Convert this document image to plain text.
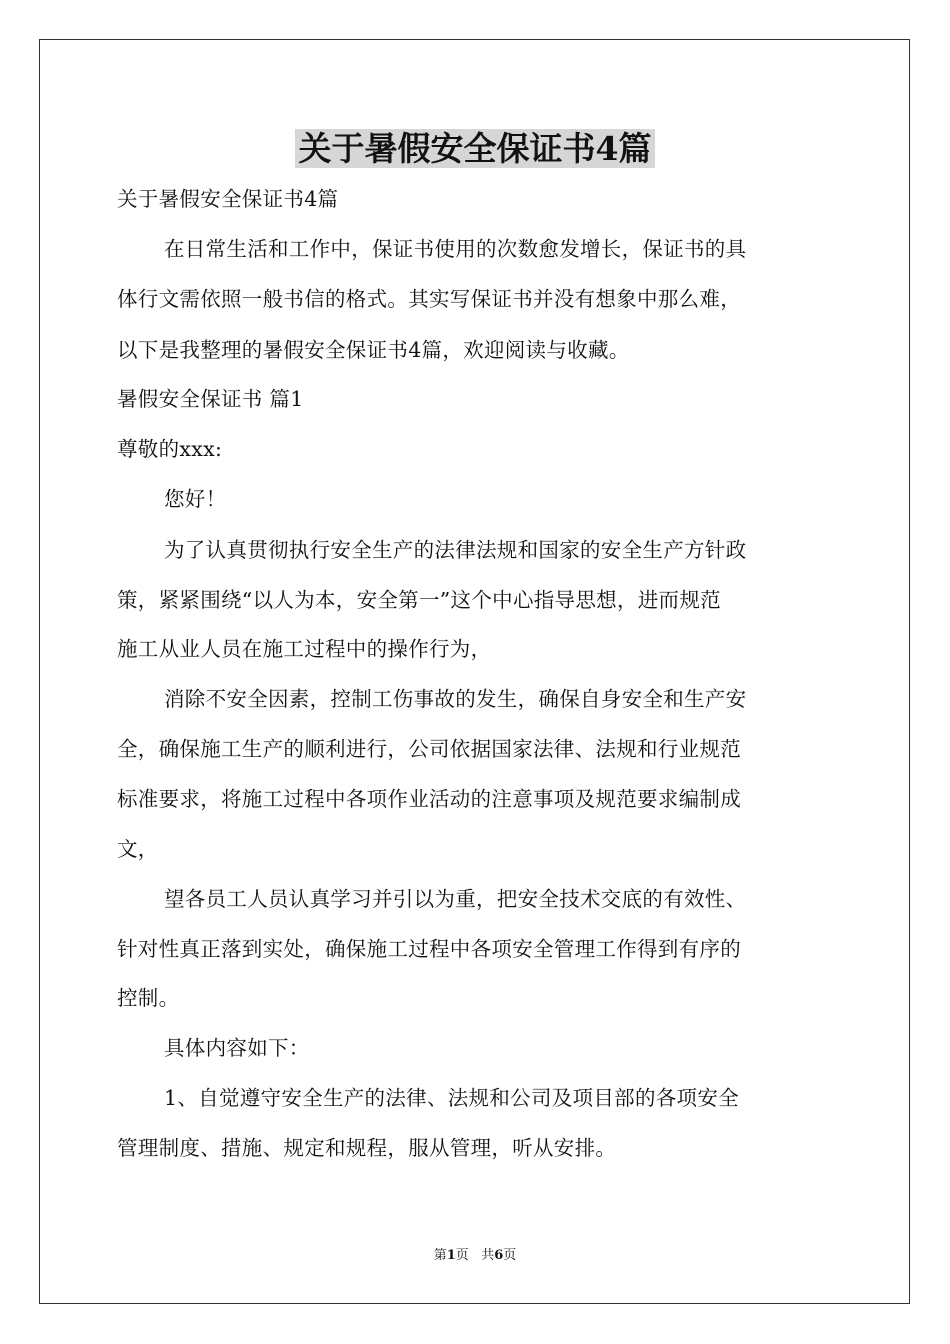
关于暑假安全保证书4篇
关于暑假安全保证书4篇
在日常生活和工作中，保证书使用的次数愈发增长，保证书的具
体行文需依照一般书信的格式。其实写保证书并没有想象中那么难，
以下是我整理的暑假安全保证书4篇，欢迎阅读与收藏。
暑假安全保证书 篇1
尊敬的xxx:
您好！
为了认真贯彻执行安全生产的法律法规和国家的安全生产方针政
策，紧紧围绕“以人为本，安全第一”这个中心指导思想，进而规范
施工从业人员在施工过程中的操作行为，
消除不安全因素，控制工伤事故的发生，确保自身安全和生产安
全，确保施工生产的顺利进行，公司依据国家法律、法规和行业规范
标准要求，将施工过程中各项作业活动的注意事项及规范要求编制成
文，
望各员工人员认真学习并引以为重，把安全技术交底的有效性、
针对性真正落到实处，确保施工过程中各项安全管理工作得到有序的
控制。
具体内容如下：
1、自觉遵守安全生产的法律、法规和公司及项目部的各项安全
管理制度、措施、规定和规程，服从管理，听从安排。
第1页 共6页
